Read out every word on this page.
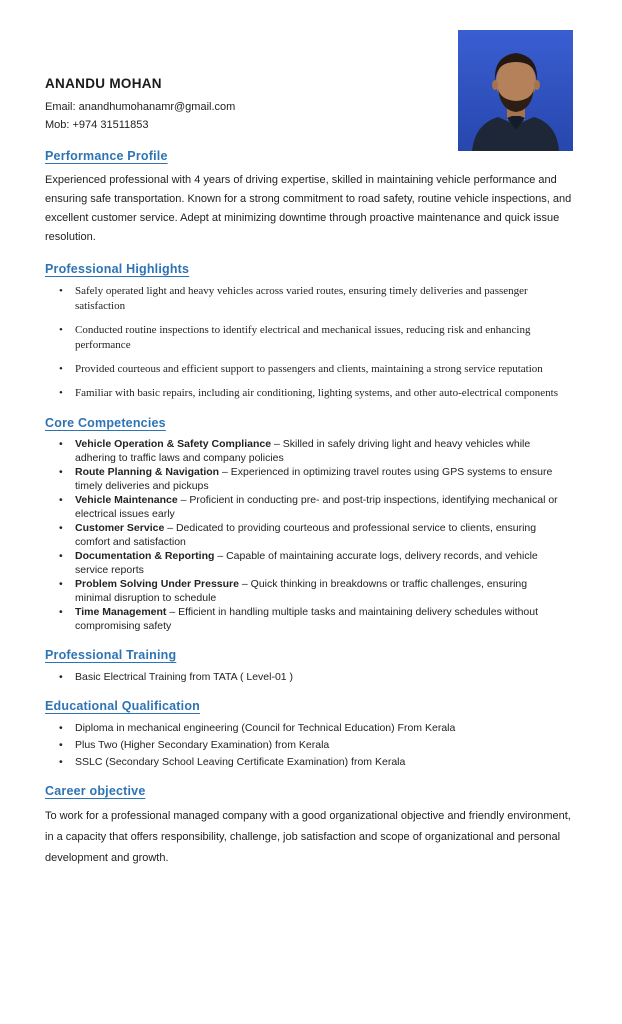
ANANDU MOHAN
Email: anandhumohanamr@gmail.com
Mob: +974 31511853
Performance Profile

Experienced professional with 4 years of driving expertise, skilled in maintaining vehicle performance and ensuring safe transportation. Known for a strong commitment to road safety, routine vehicle inspections, and excellent customer service. Adept at minimizing downtime through proactive maintenance and quick issue resolution.

Professional Highlights
• Safely operated light and heavy vehicles across varied routes, ensuring timely deliveries and passenger satisfaction
• Conducted routine inspections to identify electrical and mechanical issues, reducing risk and enhancing performance
• Provided courteous and efficient support to passengers and clients, maintaining a strong service reputation
• Familiar with basic repairs, including air conditioning, lighting systems, and other auto-electrical components
Core Competencies
• Vehicle Operation & Safety Compliance – Skilled in safely driving light and heavy vehicles while adhering to traffic laws and company policies
• Route Planning & Navigation – Experienced in optimizing travel routes using GPS systems to ensure timely deliveries and pickups
• Vehicle Maintenance – Proficient in conducting pre- and post-trip inspections, identifying mechanical or electrical issues early
• Customer Service – Dedicated to providing courteous and professional service to clients, ensuring comfort and satisfaction
• Documentation & Reporting – Capable of maintaining accurate logs, delivery records, and vehicle service reports
• Problem Solving Under Pressure – Quick thinking in breakdowns or traffic challenges, ensuring minimal disruption to schedule
• Time Management – Efficient in handling multiple tasks and maintaining delivery schedules without compromising safety
Professional Training
• Basic Electrical Training from TATA ( Level-01 )
Educational Qualification
• Diploma in mechanical engineering (Council for Technical Education) From Kerala
• Plus Two (Higher Secondary Examination) from Kerala
• SSLC (Secondary School Leaving Certificate Examination) from Kerala
Career objective

To work for a professional managed company with a good organizational objective and friendly environment, in a capacity that offers responsibility, challenge, job satisfaction and scope of organizational and personal development and growth.
